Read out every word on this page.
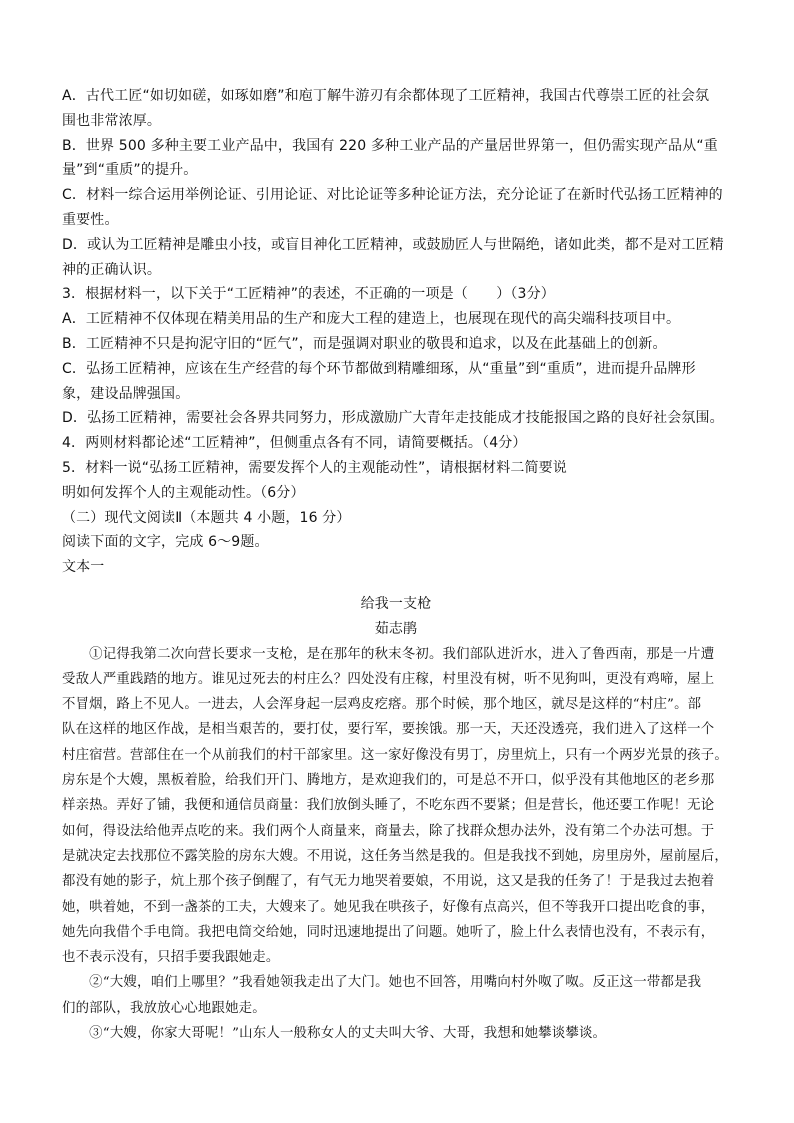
A．古代工匠“如切如磋，如琢如磨”和庖丁解牛游刃有余都体现了工匠精神，我国古代尊崇工匠的社会氛
围也非常浓厚。
B．世界 500 多种主要工业产品中，我国有 220 多种工业产品的产量居世界第一，但仍需实现产品从“重
量”到“重质”的提升。
C．材料一综合运用举例论证、引用论证、对比论证等多种论证方法，充分论证了在新时代弘扬工匠精神的
重要性。
D．或认为工匠精神是雕虫小技，或盲目神化工匠精神，或鼓励匠人与世隔绝，诸如此类，都不是对工匠精
神的正确认识。
3．根据材料一，以下关于“工匠精神”的表述，不正确的一项是（　　）（3分）
A．工匠精神不仅体现在精美用品的生产和庞大工程的建造上，也展现在现代的高尖端科技项目中。
B．工匠精神不只是拘泥守旧的“匠气”，而是强调对职业的敬畏和追求，以及在此基础上的创新。
C．弘扬工匠精神，应该在生产经营的每个环节都做到精雕细琢，从“重量”到“重质”，进而提升品牌形
象，建设品牌强国。
D．弘扬工匠精神，需要社会各界共同努力，形成激励广大青年走技能成才技能报国之路的良好社会氛围。
4．两则材料都论述“工匠精神”，但侧重点各有不同，请简要概括。（4分）
5．材料一说“弘扬工匠精神，需要发挥个人的主观能动性”，请根据材料二简要说
明如何发挥个人的主观能动性。（6分）
（二）现代文阅读Ⅱ（本题共 4 小题，16 分）
阅读下面的文字，完成 6～9题。
文本一
给我一支枪
茹志鹃
　　①记得我第二次向营长要求一支枪，是在那年的秋末冬初。我们部队进沂水，进入了鲁西南，那是一片遭
受敌人严重践踏的地方。谁见过死去的村庄么？四处没有庄稼，村里没有树，听不见狗叫，更没有鸡啼，屋上
不冒烟，路上不见人。一进去，人会浑身起一层鸡皮疙瘩。那个时候，那个地区，就尽是这样的“村庄”。部
队在这样的地区作战，是相当艰苦的，要打仗，要行军，要挨饿。那一天，天还没透亮，我们进入了这样一个
村庄宿营。营部住在一个从前我们的村干部家里。这一家好像没有男丁，房里炕上，只有一个两岁光景的孩子。
房东是个大嫂，黑板着脸，给我们开门、腾地方，是欢迎我们的，可是总不开口，似乎没有其他地区的老乡那
样亲热。弄好了铺，我便和通信员商量：我们放倒头睡了，不吃东西不要紧；但是营长，他还要工作呢！无论
如何，得设法给他弄点吃的来。我们两个人商量来，商量去，除了找群众想办法外，没有第二个办法可想。于
是就决定去找那位不露笑脸的房东大嫂。不用说，这任务当然是我的。但是我找不到她，房里房外，屋前屋后，
都没有她的影子，炕上那个孩子倒醒了，有气无力地哭着要娘，不用说，这又是我的任务了！于是我过去抱着
她，哄着她，不到一盏茶的工夫，大嫂来了。她见我在哄孩子，好像有点高兴，但不等我开口提出吃食的事，
她先向我借个手电筒。我把电筒交给她，同时迅速地提出了问题。她听了，脸上什么表情也没有，不表示有，
也不表示没有，只招手要我跟她走。
　　②“大嫂，咱们上哪里？”我看她领我走出了大门。她也不回答，用嘴向村外呶了呶。反正这一带都是我
们的部队，我放放心心地跟她走。
　　③“大嫂，你家大哥呢！”山东人一般称女人的丈夫叫大爷、大哥，我想和她攀谈攀谈。
